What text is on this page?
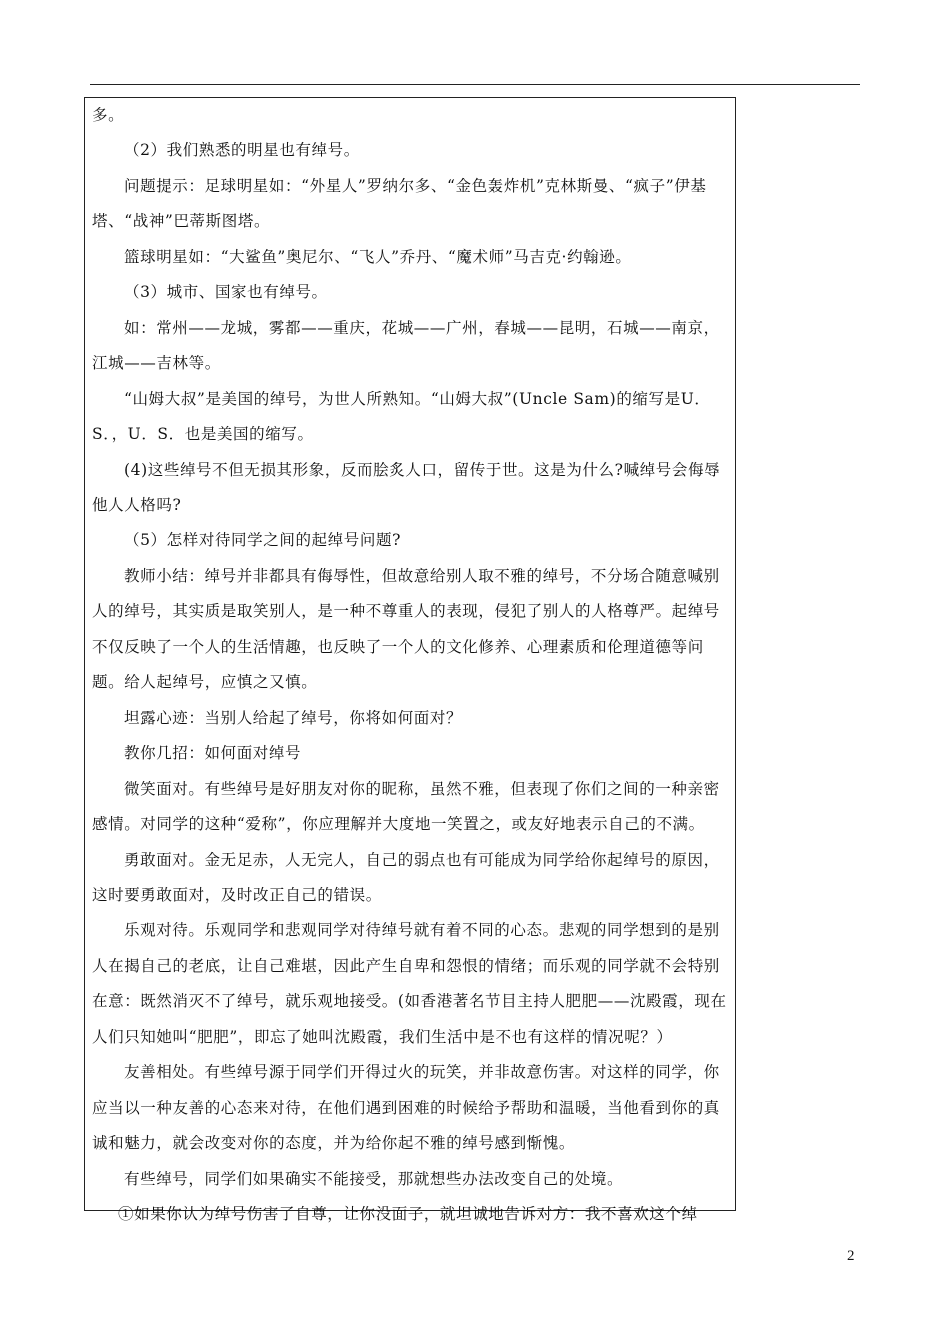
多。

（2）我们熟悉的明星也有绰号。

问题提示：足球明星如：“外星人”罗纳尔多、“金色轰炸机”克林斯曼、“疯子”伊基塔、“战神”巴蒂斯图塔。

篮球明星如：“大鲨鱼”奥尼尔、“飞人”乔丹、“魔术师”马吉克·约翰逊。

（3）城市、国家也有绰号。

如：常州——龙城，雾都——重庆，花城——广州，春城——昆明，石城——南京，江城——吉林等。

“山姆大叔”是美国的绰号，为世人所熟知。“山姆大叔”(Uncle Sam)的缩写是U．S．，U．S．也是美国的缩写。

(4)这些绰号不但无损其形象，反而脍炙人口，留传于世。这是为什么?喊绰号会侮辱他人人格吗?

（5）怎样对待同学之间的起绰号问题?

教师小结：绰号并非都具有侮辱性，但故意给别人取不雅的绰号，不分场合随意喊别人的绰号，其实质是取笑别人，是一种不尊重人的表现，侵犯了别人的人格尊严。起绰号不仅反映了一个人的生活情趣，也反映了一个人的文化修养、心理素质和伦理道德等问题。给人起绰号，应慎之又慎。

坦露心迹：当别人给起了绰号，你将如何面对？

教你几招：如何面对绰号

微笑面对。有些绰号是好朋友对你的昵称，虽然不雅，但表现了你们之间的一种亲密感情。对同学的这种“爱称”，你应理解并大度地一笑置之，或友好地表示自己的不满。

勇敢面对。金无足赤，人无完人，自己的弱点也有可能成为同学给你起绰号的原因，这时要勇敢面对，及时改正自己的错误。

乐观对待。乐观同学和悲观同学对待绰号就有着不同的心态。悲观的同学想到的是别人在揭自己的老底，让自己难堪，因此产生自卑和怨恨的情绪；而乐观的同学就不会特别在意：既然消灭不了绰号，就乐观地接受。(如香港著名节目主持人肥肥——沈殿霞，现在人们只知她叫“肥肥”，即忘了她叫沈殿霞，我们生活中是不也有这样的情况呢？）

友善相处。有些绰号源于同学们开得过火的玩笑，并非故意伤害。对这样的同学，你应当以一种友善的心态来对待，在他们遇到困难的时候给予帮助和温暖，当他看到你的真诚和魅力，就会改变对你的态度，并为给你起不雅的绰号感到惭愧。

有些绰号，同学们如果确实不能接受，那就想些办法改变自己的处境。

①如果你认为绰号伤害了自尊，让你没面子，就坦诚地告诉对方：我不喜欢这个绰

2
